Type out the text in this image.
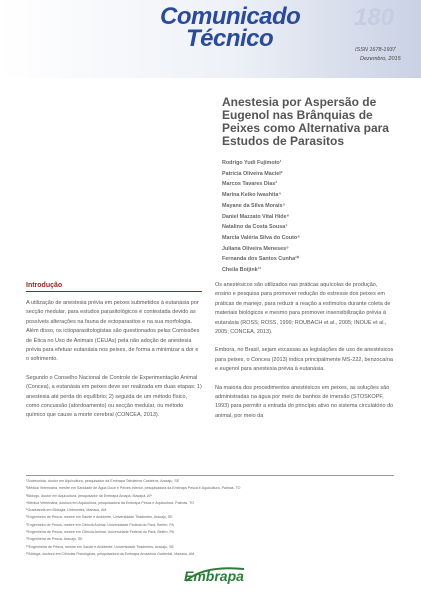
Comunicado
Técnico
180
ISSN 1678-1937
Dezembro, 2015
Anestesia por Aspersão de Eugenol nas Brânquias de Peixes como Alternativa para Estudos de Parasitos
Rodrigo Yudi Fujimoto¹
Patrícia Oliveira Maciel²
Marcos Tavares Dias³
Marina Keiko Iwashita⁴
Mayane da Silva Morais⁵
Daniel Mazzato Vital Hide⁶
Natalino da Costa Sousa⁷
Marcia Valéria Silva do Couto⁸
Juliana Oliveira Meneses⁹
Fernanda dos Santos Cunha¹⁰
Cheila Boijink¹¹
Introdução

A utilização de anestesia prévia em peixes submetidos à eutanásia por secção medular, para estudos parasitológicos é contestada devido as possíveis alterações na fauna de ectoparasitos e na sua morfologia. Além disso, os ictioparasitologistas são questionados pelas Comissões de Ética no Uso de Animais (CEUAs) pela não adoção de anestesia prévia para efetuar eutanásia nos peixes, de forma a minimizar a dor e o sofrimento.

Segundo o Conselho Nacional de Controle de Experimentação Animal (Concea), a eutanásia em peixes deve ser realizada em duas etapas: 1) anestesia até perda do equilíbrio; 2) seguida de um método físico, como concussão (atordoamento) ou secção medular, ou método químico que cause a morte cerebral (CONCEA, 2013).

Os anestésicos são utilizados nas práticas aquícolas de produção, ensino e pesquisa para promover redução do estresse dos peixes em práticas de manejo, para reduzir a reação a estímulos durante coleta de materiais biológicos e mesmo para promover insensibilização prévia à eutanásia (ROSS; ROSS, 1999; ROUBACH et al., 2005; INOUE et al., 2005; CONCEA, 2013).

Embora, no Brasil, sejam escassas as legislações de uso de anestésicos para peixes, o Concea (2013) indica principalmente MS-222, benzocaína e eugenol para anestesia prévia à eutanásia.

Na maioria dos procedimentos anestésicos em peixes, as soluções são administradas na água por meio de banhos de imersão (STOSKOPF, 1993) para permitir a entrada do princípio ativo no sistema circulatório do animal, por meio da

¹Zootecnista, doutor em Aquicultura, pesquisador da Embrapa Tabuleiros Costeiros, Aracaju, SE
²Médica Veterinária, mestre em Sanidade de Água Doce e Peixes Interior, pesquisadora da Embrapa Pesca e Aquicultura, Palmas, TO
³Biólogo, doutor em Aquicultura, pesquisador da Embrapa Amapá, Macapá, AP
⁴Médica Veterinária, doutora em Aquicultura, pesquisadora da Embrapa Pesca e Aquicultura, Palmas, TO
⁵Graduanda em Biologia, Unimontes, Manaus, AM
⁶Engenheiro de Pesca, mestre em Saúde e Ambiente, Universidade Tiradentes, Aracaju, SE
⁷Engenheiro de Pesca, mestre em Ciência Animal, Universidade Federal do Pará, Belém, PA
⁸Engenheira de Pesca, mestre em Ciência Animal, Universidade Federal do Pará, Belém, PA
⁹Engenheira de Pesca, Aracaju, SE
¹⁰Engenheira de Pesca, mestre em Saúde e Ambiente, Universidade Tiradentes, Aracaju, SE
¹¹Bióloga, doutora em Ciências Fisiológicas, pesquisadora da Embrapa Amazônia Ocidental, Manaus, AM
Embrapa
